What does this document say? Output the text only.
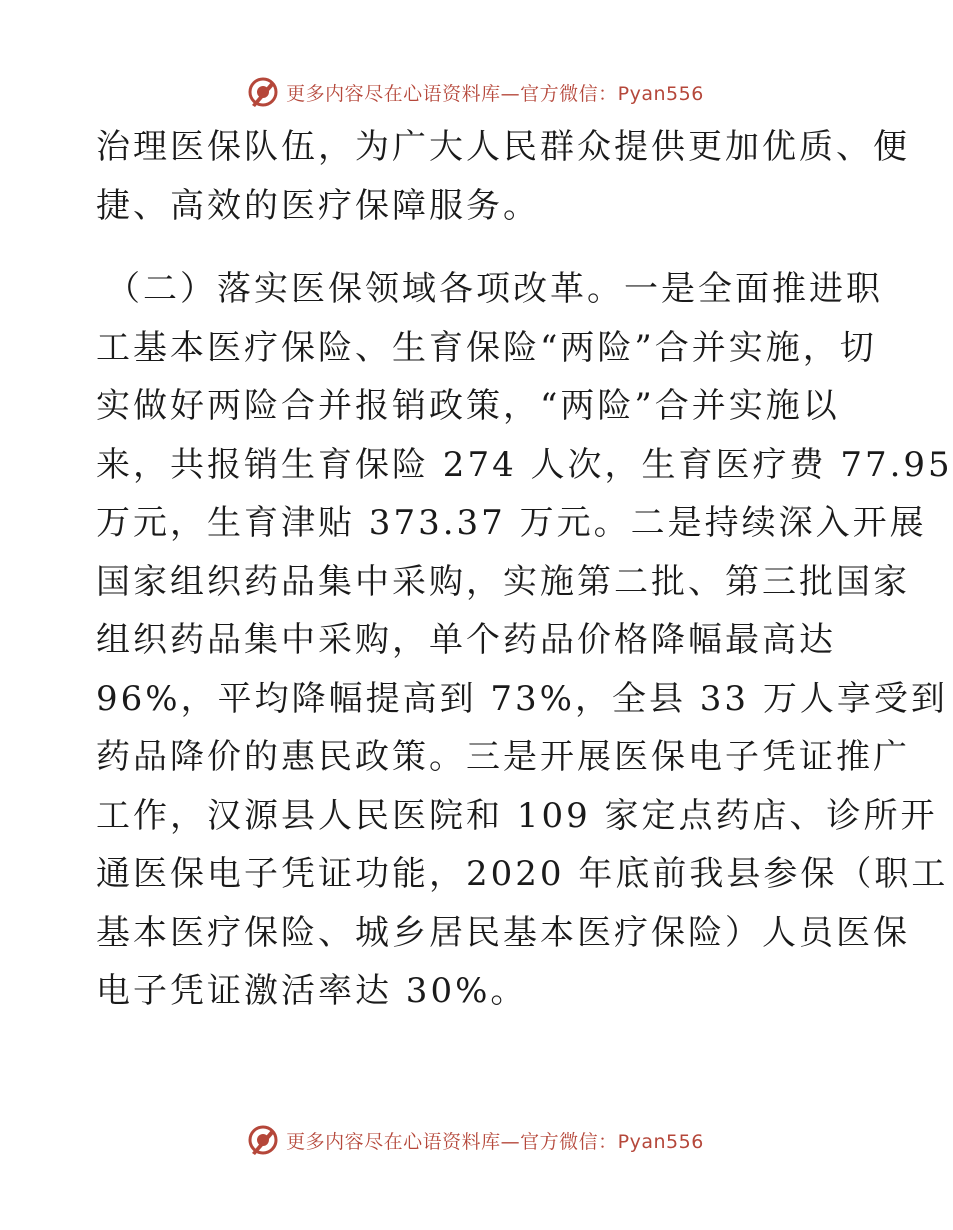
更多内容尽在心语资料库—官方微信：Pyan556
治理医保队伍，为广大人民群众提供更加优质、便
捷、高效的医疗保障服务。
（二）落实医保领域各项改革。一是全面推进职
工基本医疗保险、生育保险“两险”合并实施，切
实做好两险合并报销政策，“两险”合并实施以
来，共报销生育保险 274 人次，生育医疗费 77.95
万元，生育津贴 373.37 万元。二是持续深入开展
国家组织药品集中采购，实施第二批、第三批国家
组织药品集中采购，单个药品价格降幅最高达
96%，平均降幅提高到 73%，全县 33 万人享受到
药品降价的惠民政策。三是开展医保电子凭证推广
工作，汉源县人民医院和 109 家定点药店、诊所开
通医保电子凭证功能，2020 年底前我县参保（职工
基本医疗保险、城乡居民基本医疗保险）人员医保
电子凭证激活率达 30%。
更多内容尽在心语资料库—官方微信：Pyan556
